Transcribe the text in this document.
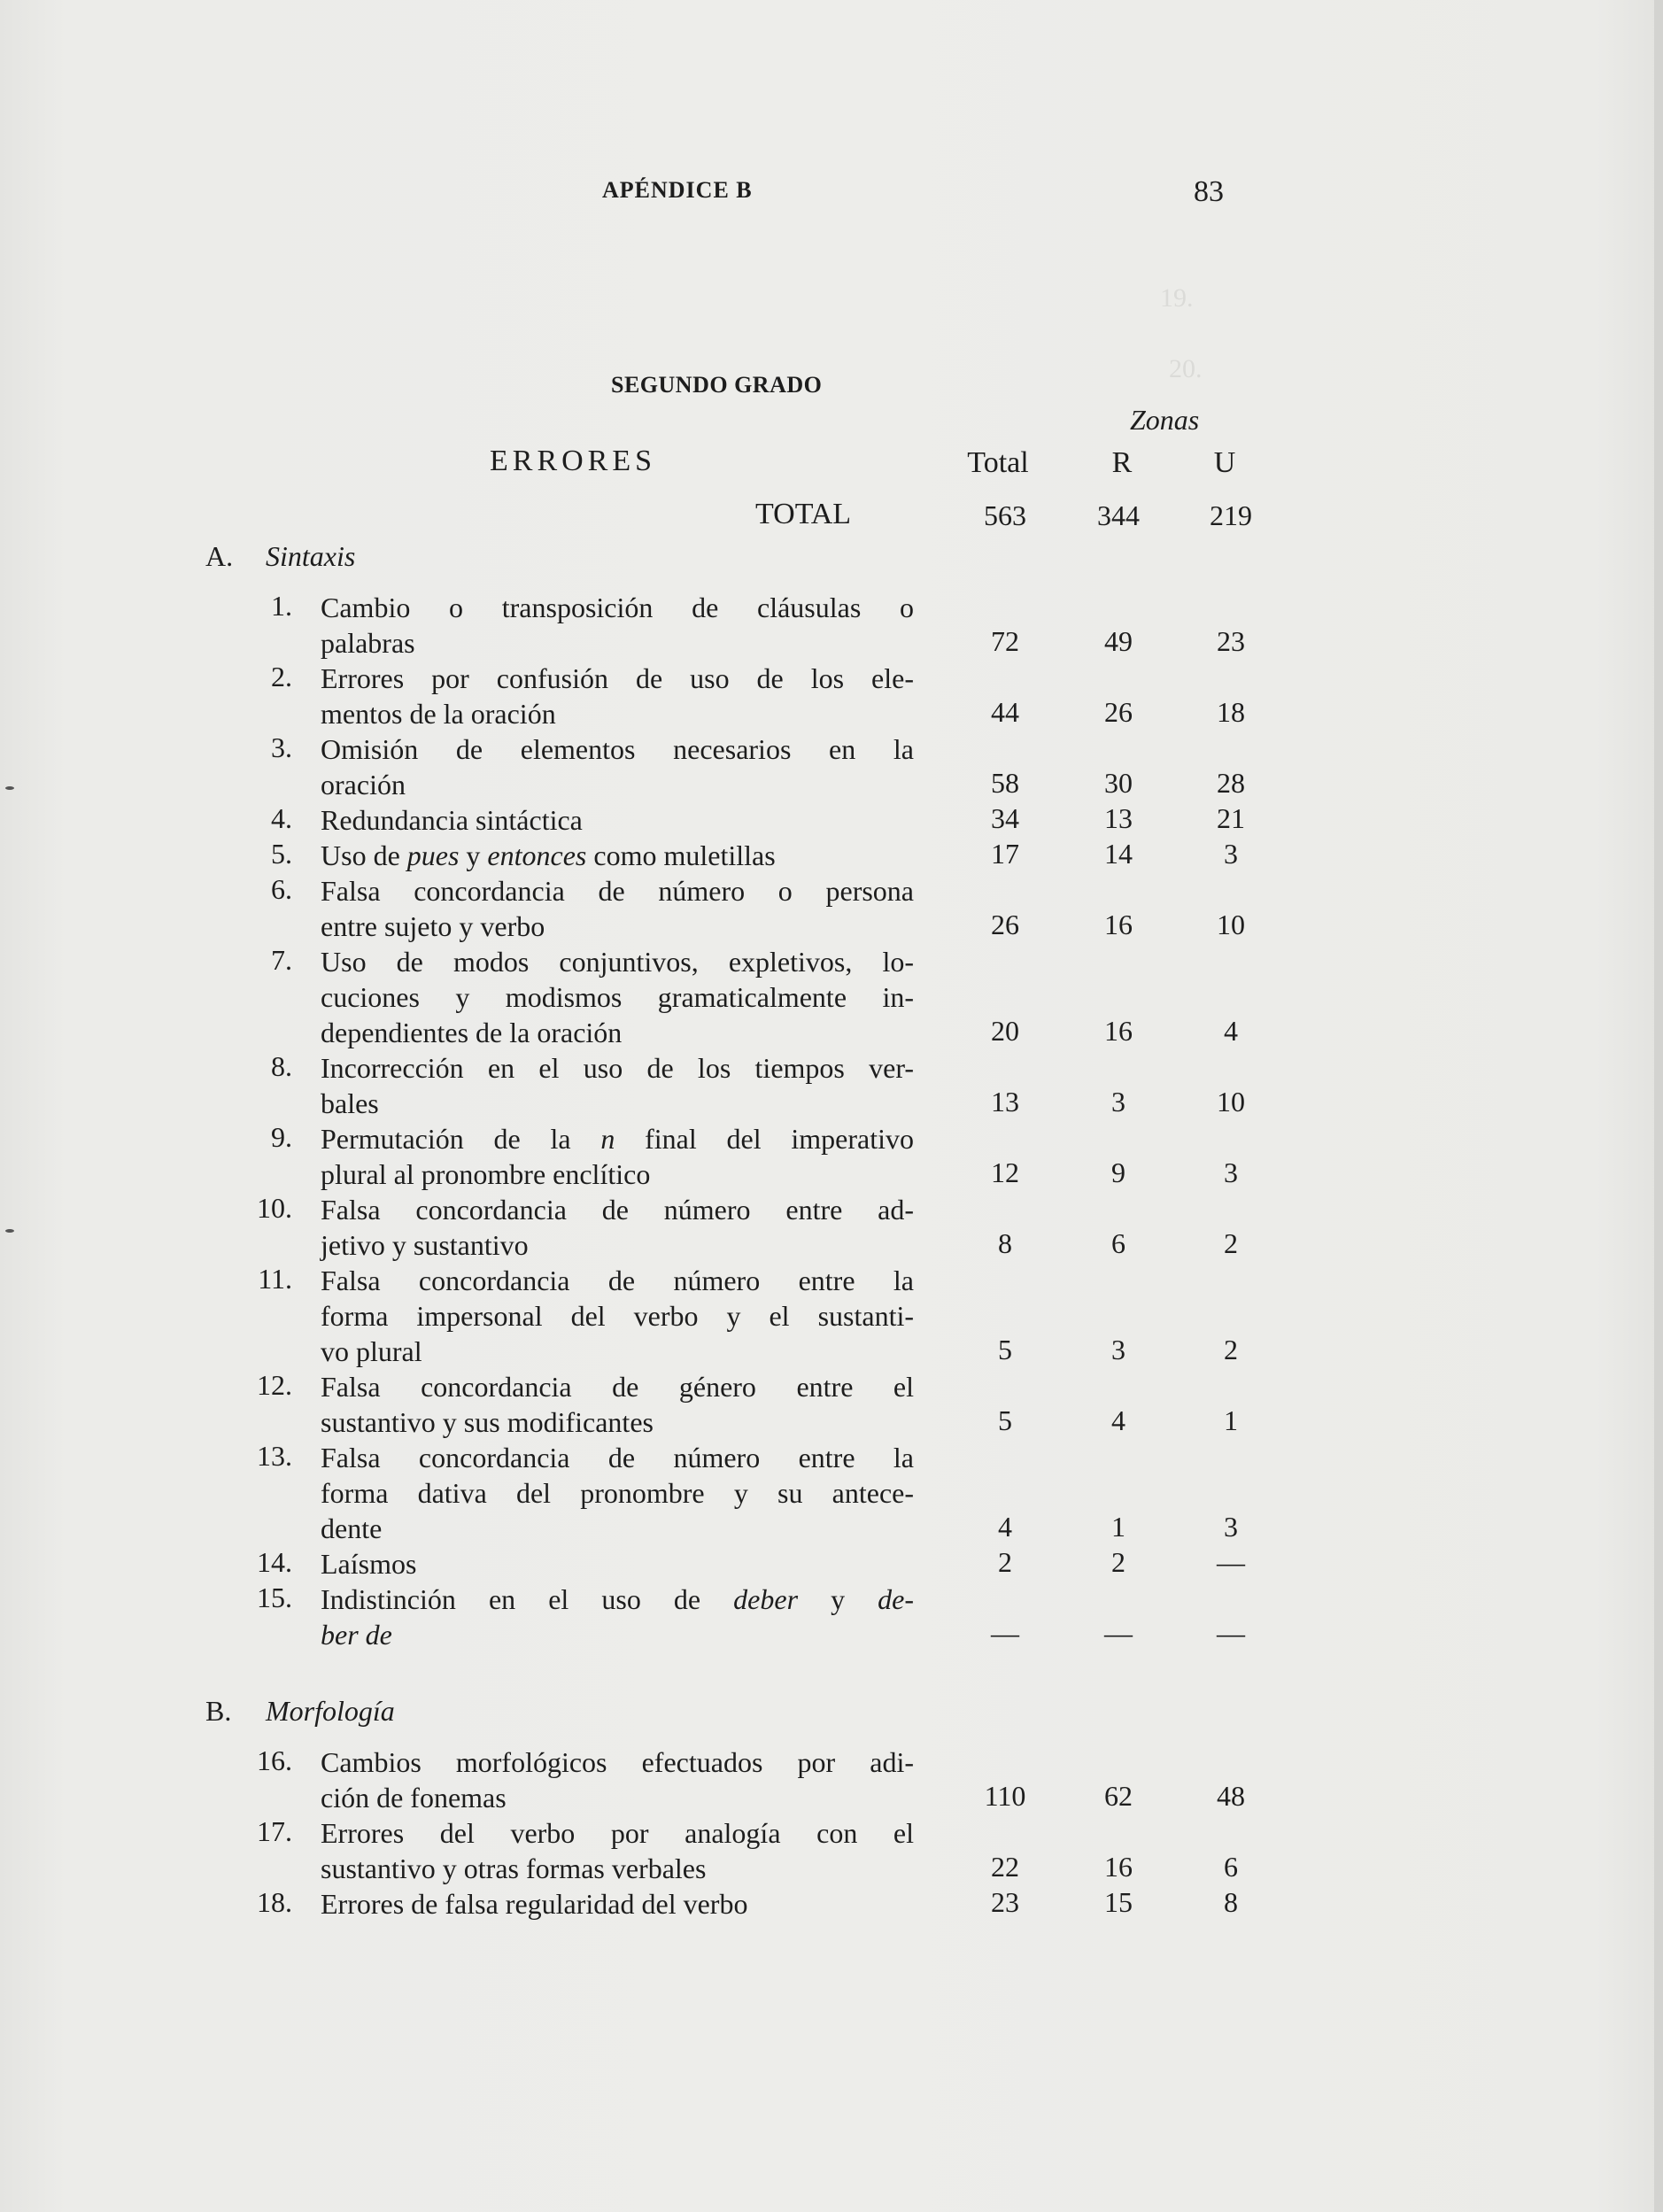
19.
20.
APÉNDICE B	83
SEGUNDO GRADO
Zonas
ERRORES	Total	R	U
TOTAL	563	344	219
A. Sintaxis
B. Morfología
1. Cambio o transposición de cláusulas o
palabras	72	49	23
2. Errores por confusión de uso de los ele-
mentos de la oración	44	26	18
3. Omisión de elementos necesarios en la
oración	58	30	28
4. Redundancia sintáctica	34	13	21
5. Uso de pues y entonces como muletillas	17	14	3
6. Falsa concordancia de número o persona
entre sujeto y verbo	26	16	10
7. Uso de modos conjuntivos, expletivos, lo-
cuciones y modismos gramaticalmente in-
dependientes de la oración	20	16	4
8. Incorrección en el uso de los tiempos ver-
bales	13	3	10
9. Permutación de la n final del imperativo
plural al pronombre enclítico	12	9	3
10. Falsa concordancia de número entre ad-
jetivo y sustantivo	8	6	2
11. Falsa concordancia de número entre la
forma impersonal del verbo y el sustanti-
vo plural	5	3	2
12. Falsa concordancia de género entre el
sustantivo y sus modificantes	5	4	1
13. Falsa concordancia de número entre la
forma dativa del pronombre y su antece-
dente	4	1	3
14. Laísmos	2	2	—
15. Indistinción en el uso de deber y de-
ber de	—	—	—
16. Cambios morfológicos efectuados por adi-
ción de fonemas	110	62	48
17. Errores del verbo por analogía con el
sustantivo y otras formas verbales	22	16	6
18. Errores de falsa regularidad del verbo	23	15	8
